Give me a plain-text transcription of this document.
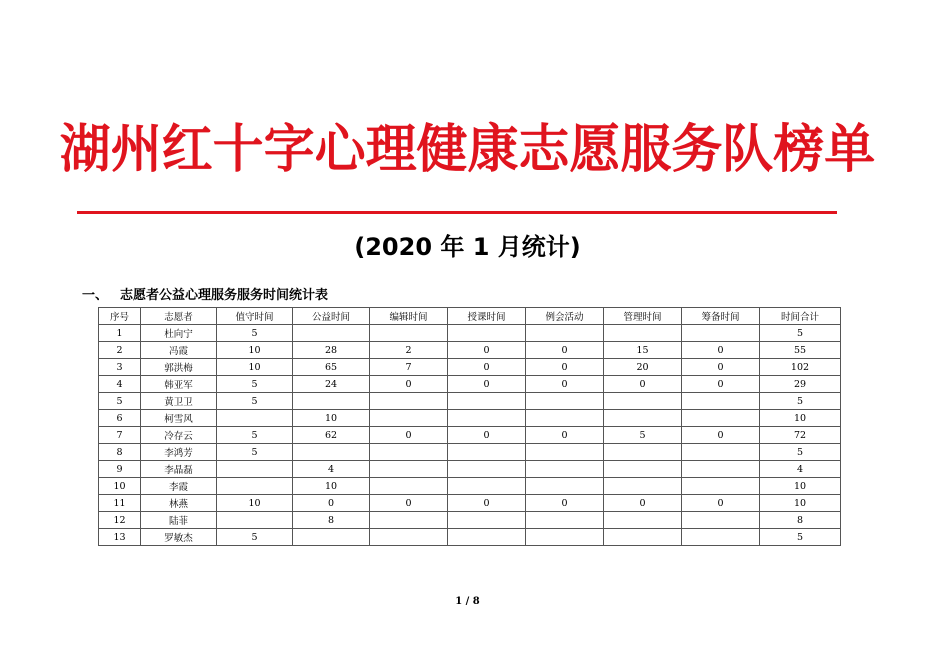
湖州红十字心理健康志愿服务队榜单
(2020 年 1 月统计)
一、 志愿者公益心理服务服务时间统计表
序号	志愿者	值守时间	公益时间	编辑时间	授课时间	例会活动	管理时间	筹备时间	时间合计
1	杜向宁	5							5
2	冯霞	10	28	2	0	0	15	0	55
3	郭洪梅	10	65	7	0	0	20	0	102
4	韩亚军	5	24	0	0	0	0	0	29
5	黄卫卫	5							5
6	柯雪风		10						10
7	冷存云	5	62	0	0	0	5	0	72
8	李鸿芳	5							5
9	李晶磊		4						4
10	李霞		10						10
11	林燕	10	0	0	0	0	0	0	10
12	陆菲		8						8
13	罗敏杰	5							5
1 / 8
